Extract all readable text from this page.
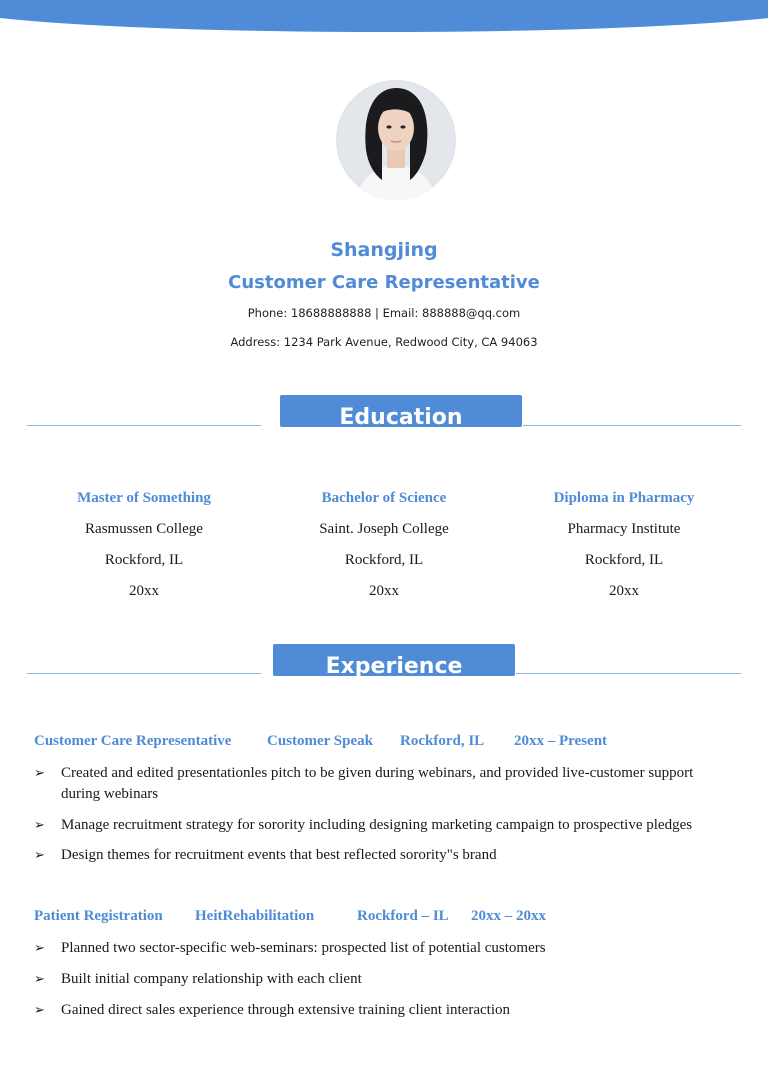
Shangjing
Customer Care Representative
Phone: 18688888888 | Email: 888888@qq.com
Address: 1234 Park Avenue, Redwood City, CA 94063
Education
Master of Something
Rasmussen College
Rockford, IL
20xx
Bachelor of Science
Saint. Joseph College
Rockford, IL
20xx
Diploma in Pharmacy
Pharmacy Institute
Rockford, IL
20xx
Experience
Customer Care Representative Customer Speak Rockford, IL 20xx – Present
➢ Created and edited presentationles pitch to be given during webinars, and provided live-customer support during webinars
➢ Manage recruitment strategy for sorority including designing marketing campaign to prospective pledges
➢ Design themes for recruitment events that best reflected sorority"s brand
Patient Registration HeitRehabilitation	Rockford – IL 20xx – 20xx
➢ Planned two sector-specific web-seminars: prospected list of potential customers
➢ Built initial company relationship with each client
➢ Gained direct sales experience through extensive training client interaction
